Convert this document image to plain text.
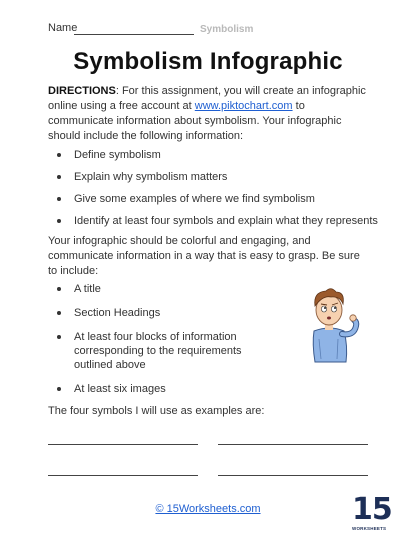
Name	Symbolism
Symbolism Infographic
DIRECTIONS: For this assignment, you will create an infographic online using a free account at www.piktochart.com to communicate information about symbolism. Your infographic should include the following information:
Define symbolism
Explain why symbolism matters
Give some examples of where we find symbolism
Identify at least four symbols and explain what they represents
Your infographic should be colorful and engaging, and communicate information in a way that is easy to grasp. Be sure to include:
A title
Section Headings
At least four blocks of information corresponding to the requirements outlined above
At least six images
The four symbols I will use as examples are:
© 15Worksheets.com	15
WORKSHEETS
